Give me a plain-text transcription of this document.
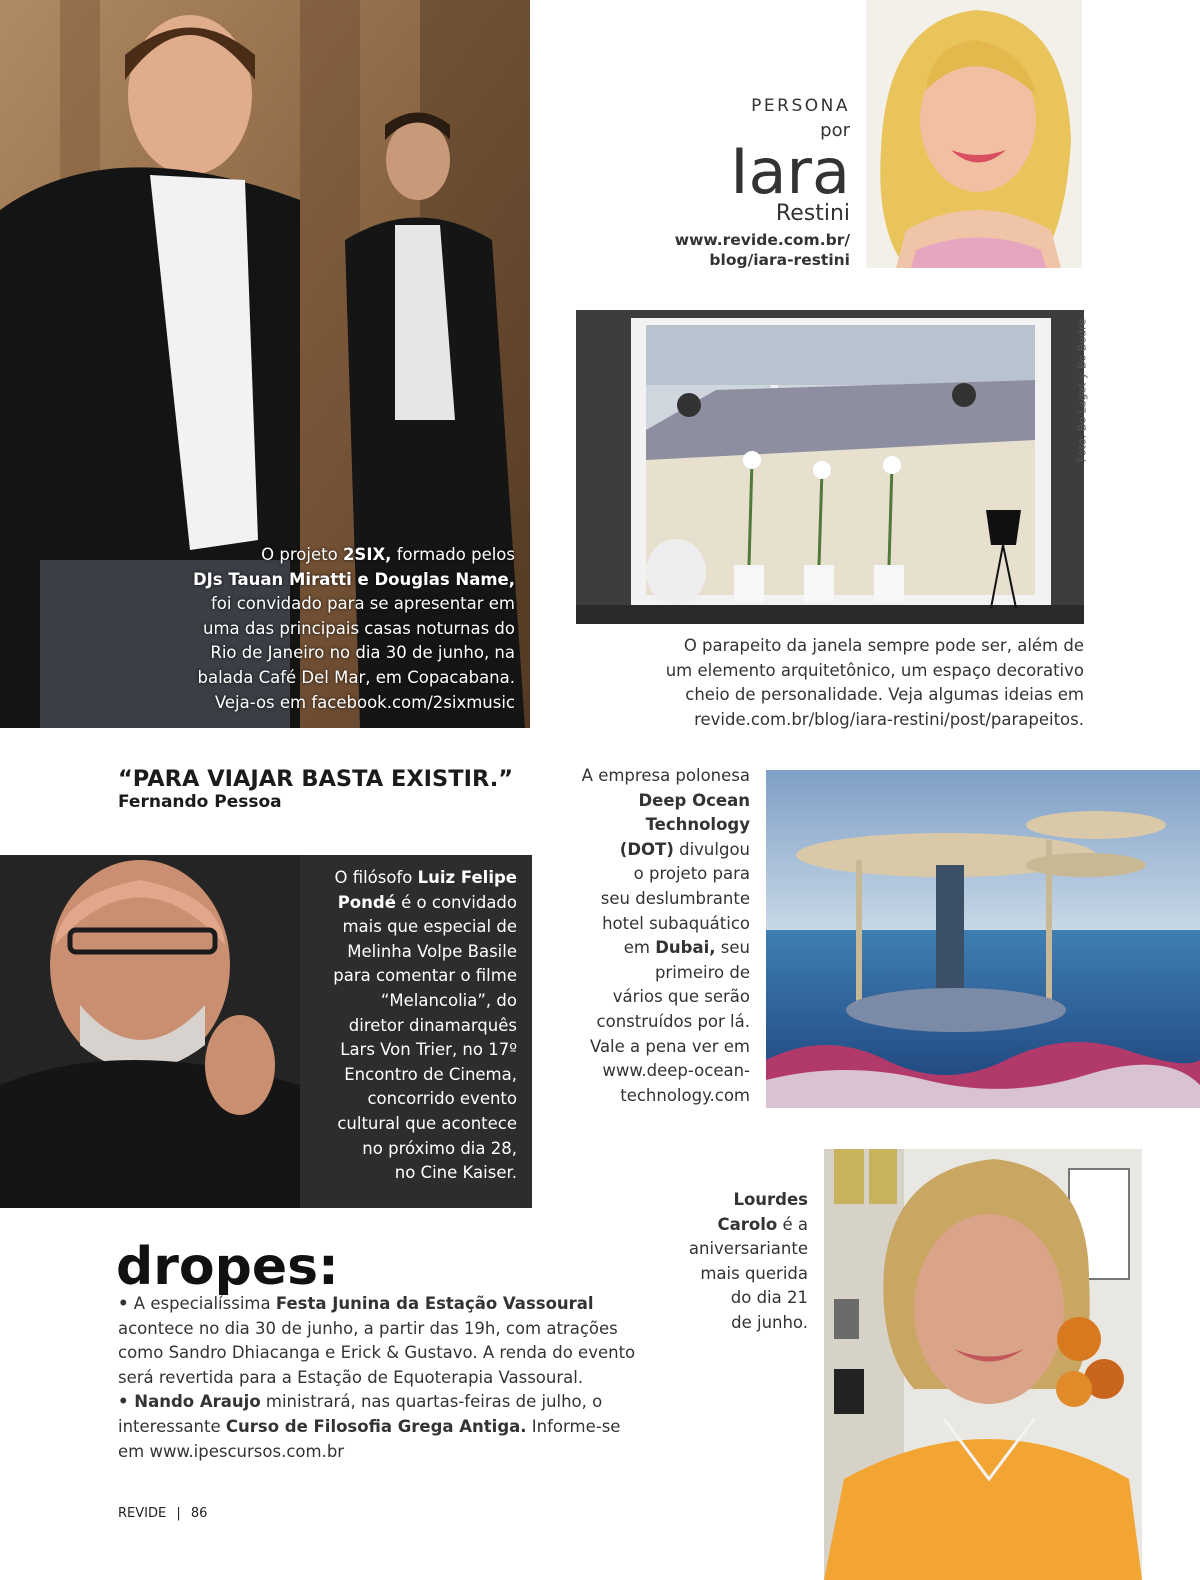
O projeto 2SIX, formado pelos
DJs Tauan Miratti e Douglas Name,
foi convidado para se apresentar em
uma das principais casas noturnas do
Rio de Janeiro no dia 30 de junho, na
balada Café Del Mar, em Copacabana.
Veja-os em facebook.com/2sixmusic
PERSONA
por
Iara
Restini
www.revide.com.br/
blog/iara-restini
Foto: Bo Laget y Bo Bedre
O parapeito da janela sempre pode ser, além de
um elemento arquitetônico, um espaço decorativo
cheio de personalidade. Veja algumas ideias em
revide.com.br/blog/iara-restini/post/parapeitos.
“PARA VIAJAR BASTA EXISTIR.”
Fernando Pessoa
O filósofo Luiz Felipe
Pondé é o convidado
mais que especial de
Melinha Volpe Basile
para comentar o filme
“Melancolia”, do
diretor dinamarquês
Lars Von Trier, no 17º
Encontro de Cinema,
concorrido evento
cultural que acontece
no próximo dia 28,
no Cine Kaiser.
A empresa polonesa
Deep Ocean
Technology
(DOT) divulgou
o projeto para
seu deslumbrante
hotel subaquático
em Dubai, seu
primeiro de
vários que serão
construídos por lá.
Vale a pena ver em
www.deep-ocean-
technology.com
dropes:
• A especialíssima Festa Junina da Estação Vassoural
acontece no dia 30 de junho, a partir das 19h, com atrações
como Sandro Dhiacanga e Erick & Gustavo. A renda do evento
será revertida para a Estação de Equoterapia Vassoural.
• Nando Araujo ministrará, nas quartas-feiras de julho, o
interessante Curso de Filosofia Grega Antiga. Informe-se
em www.ipescursos.com.br
Lourdes
Carolo é a
aniversariante
mais querida
do dia 21
de junho.
REVIDE | 86
